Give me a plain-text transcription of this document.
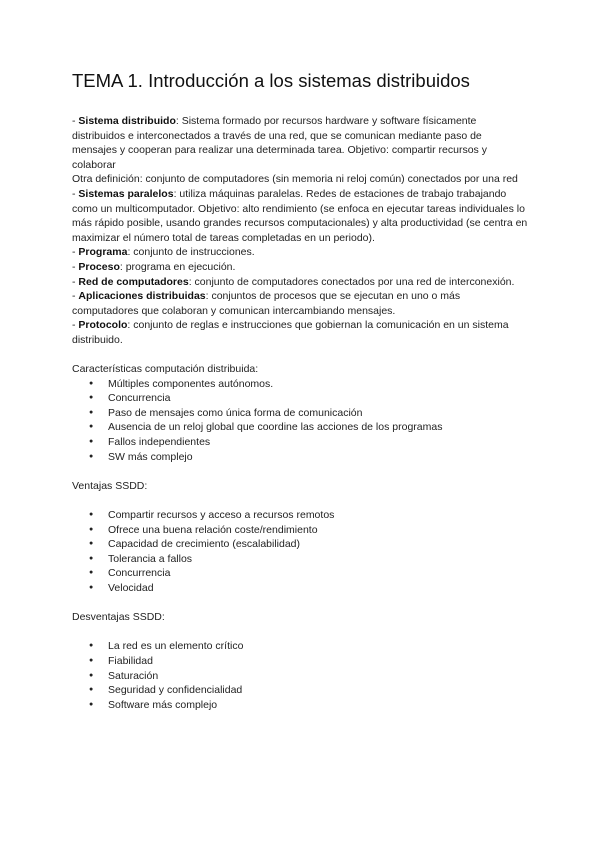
TEMA 1. Introducción a los sistemas distribuidos

- Sistema distribuido: Sistema formado por recursos hardware y software físicamente distribuidos e interconectados a través de una red, que se comunican mediante paso de mensajes y cooperan para realizar una determinada tarea. Objetivo: compartir recursos y colaborar

Otra definición: conjunto de computadores (sin memoria ni reloj común) conectados por una red

- Sistemas paralelos: utiliza máquinas paralelas. Redes de estaciones de trabajo trabajando como un multicomputador. Objetivo: alto rendimiento (se enfoca en ejecutar tareas individuales lo más rápido posible, usando grandes recursos computacionales) y alta productividad (se centra en maximizar el número total de tareas completadas en un periodo).

- Programa: conjunto de instrucciones.

- Proceso: programa en ejecución.

- Red de computadores: conjunto de computadores conectados por una red de interconexión.

- Aplicaciones distribuidas: conjuntos de procesos que se ejecutan en uno o más computadores que colaboran y comunican intercambiando mensajes.

- Protocolo: conjunto de reglas e instrucciones que gobiernan la comunicación en un sistema distribuido.

Características computación distribuida:

● Múltiples componentes autónomos.
● Concurrencia
● Paso de mensajes como única forma de comunicación
● Ausencia de un reloj global que coordine las acciones de los programas
● Fallos independientes
● SW más complejo

Ventajas SSDD:

● Compartir recursos y acceso a recursos remotos
● Ofrece una buena relación coste/rendimiento
● Capacidad de crecimiento (escalabilidad)
● Tolerancia a fallos
● Concurrencia
● Velocidad

Desventajas SSDD:

● La red es un elemento crítico
● Fiabilidad
● Saturación
● Seguridad y confidencialidad
● Software más complejo
